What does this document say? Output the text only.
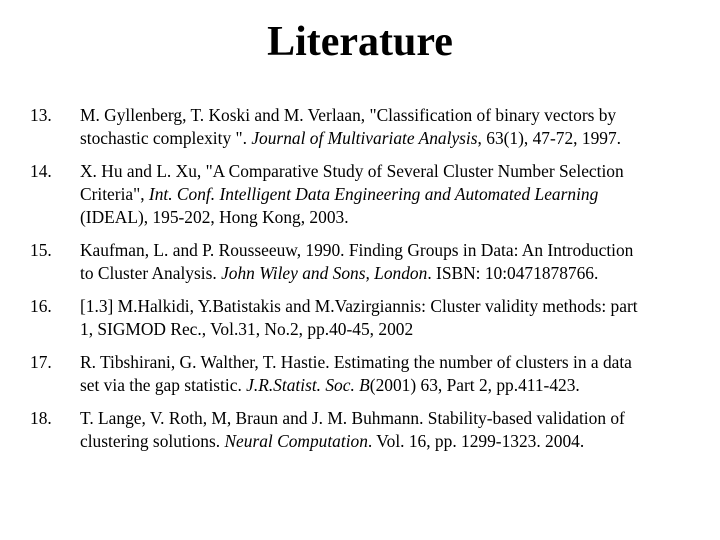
Literature
13. M. Gyllenberg, T. Koski and M. Verlaan, "Classification of binary vectors by
stochastic complexity ". Journal of Multivariate Analysis, 63(1), 47-72, 1997.
14. X. Hu and L. Xu, "A Comparative Study of Several Cluster Number Selection
Criteria", Int. Conf. Intelligent Data Engineering and Automated Learning
(IDEAL), 195-202, Hong Kong, 2003.
15. Kaufman, L. and P. Rousseeuw, 1990. Finding Groups in Data: An Introduction
to Cluster Analysis. John Wiley and Sons, London. ISBN: 10:0471878766.
16. [1.3] M.Halkidi, Y.Batistakis and M.Vazirgiannis: Cluster validity methods: part
1, SIGMOD Rec., Vol.31, No.2, pp.40-45, 2002
17. R. Tibshirani, G. Walther, T. Hastie. Estimating the number of clusters in a data
set via the gap statistic. J.R.Statist. Soc. B(2001) 63, Part 2, pp.411-423.
18. T. Lange, V. Roth, M, Braun and J. M. Buhmann. Stability-based validation of
clustering solutions. Neural Computation. Vol. 16, pp. 1299-1323. 2004.
